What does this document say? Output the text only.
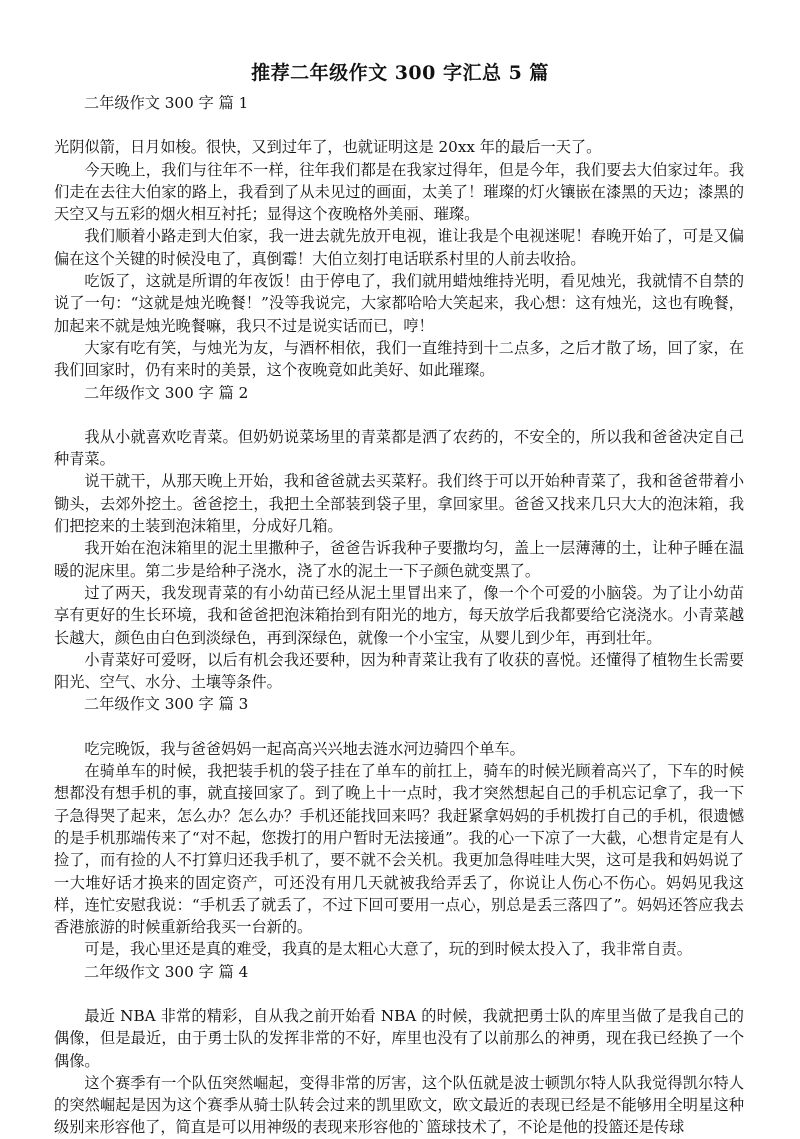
推荐二年级作文 300 字汇总 5 篇

二年级作文 300 字 篇 1

光阴似箭，日月如梭。很快，又到过年了，也就证明这是 20xx 年的最后一天了。

今天晚上，我们与往年不一样，往年我们都是在我家过得年，但是今年，我们要去大伯家过年。我们走在去往大伯家的路上，我看到了从未见过的画面，太美了！璀璨的灯火镶嵌在漆黑的天边；漆黑的天空又与五彩的烟火相互衬托；显得这个夜晚格外美丽、璀璨。

我们顺着小路走到大伯家，我一进去就先放开电视，谁让我是个电视迷呢！春晚开始了，可是又偏偏在这个关键的时候没电了，真倒霉！大伯立刻打电话联系村里的人前去收拾。

吃饭了，这就是所谓的年夜饭！由于停电了，我们就用蜡烛维持光明，看见烛光，我就情不自禁的说了一句：“这就是烛光晚餐！”没等我说完，大家都哈哈大笑起来，我心想：这有烛光，这也有晚餐，加起来不就是烛光晚餐嘛，我只不过是说实话而已，哼！

大家有吃有笑，与烛光为友，与酒杯相依，我们一直维持到十二点多，之后才散了场，回了家，在我们回家时，仍有来时的美景，这个夜晚竟如此美好、如此璀璨。

二年级作文 300 字 篇 2

我从小就喜欢吃青菜。但奶奶说菜场里的青菜都是洒了农药的，不安全的，所以我和爸爸决定自己种青菜。

说干就干，从那天晚上开始，我和爸爸就去买菜籽。我们终于可以开始种青菜了，我和爸爸带着小锄头，去郊外挖土。爸爸挖土，我把土全部装到袋子里，拿回家里。爸爸又找来几只大大的泡沫箱，我们把挖来的土装到泡沫箱里，分成好几箱。

我开始在泡沫箱里的泥土里撒种子，爸爸告诉我种子要撒均匀，盖上一层薄薄的土，让种子睡在温暖的泥床里。第二步是给种子浇水，浇了水的泥土一下子颜色就变黑了。

过了两天，我发现青菜的有小幼苗已经从泥土里冒出来了，像一个个可爱的小脑袋。为了让小幼苗享有更好的生长环境，我和爸爸把泡沫箱抬到有阳光的地方，每天放学后我都要给它浇浇水。小青菜越长越大，颜色由白色到淡绿色，再到深绿色，就像一个小宝宝，从婴儿到少年，再到壮年。

小青菜好可爱呀，以后有机会我还要种，因为种青菜让我有了收获的喜悦。还懂得了植物生长需要阳光、空气、水分、土壤等条件。

二年级作文 300 字 篇 3

吃完晚饭，我与爸爸妈妈一起高高兴兴地去涟水河边骑四个单车。

在骑单车的时候，我把装手机的袋子挂在了单车的前扛上，骑车的时候光顾着高兴了，下车的时候想都没有想手机的事，就直接回家了。到了晚上十一点时，我才突然想起自己的手机忘记拿了，我一下子急得哭了起来，怎么办？怎么办？手机还能找回来吗？我赶紧拿妈妈的手机拨打自己的手机，很遗憾的是手机那端传来了“对不起，您拨打的用户暂时无法接通”。我的心一下凉了一大截，心想肯定是有人捡了，而有捡的人不打算归还我手机了，要不就不会关机。我更加急得哇哇大哭，这可是我和妈妈说了一大堆好话才换来的固定资产，可还没有用几天就被我给弄丢了，你说让人伤心不伤心。妈妈见我这样，连忙安慰我说：“手机丢了就丢了，不过下回可要用一点心，别总是丢三落四了”。妈妈还答应我去香港旅游的时候重新给我买一台新的。

可是，我心里还是真的难受，我真的是太粗心大意了，玩的到时候太投入了，我非常自责。

二年级作文 300 字 篇 4

最近 NBA 非常的精彩，自从我之前开始看 NBA 的时候，我就把勇士队的库里当做了是我自己的偶像，但是最近，由于勇士队的发挥非常的不好，库里也没有了以前那么的神勇，现在我已经换了一个偶像。

这个赛季有一个队伍突然崛起，变得非常的厉害，这个队伍就是波士顿凯尔特人队我觉得凯尔特人的突然崛起是因为这个赛季从骑士队转会过来的凯里欧文，欧文最近的表现已经是不能够用全明星这种级别来形容他了，简直是可以用神级的表现来形容他的`篮球技术了，不论是他的投篮还是传球
